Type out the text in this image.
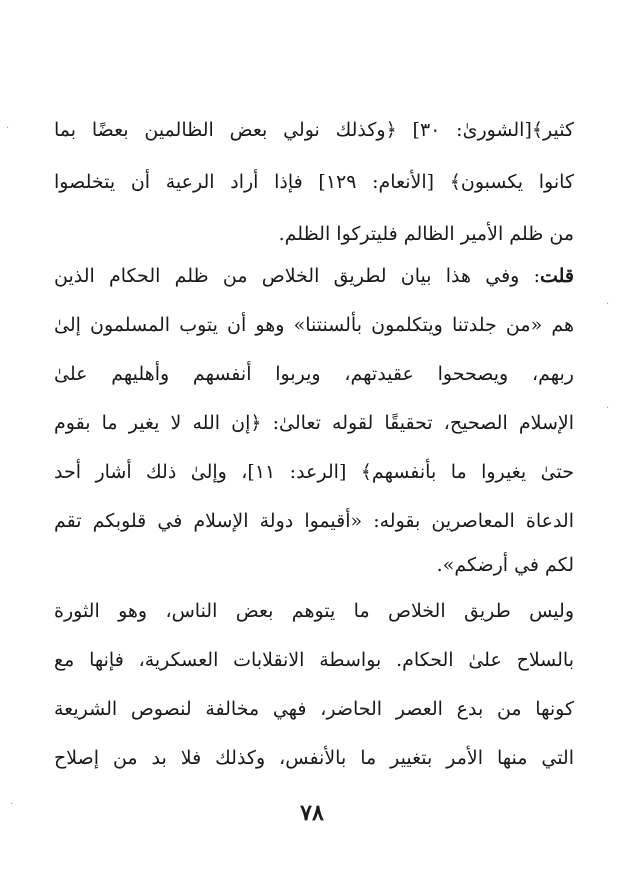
كثير﴾[الشورىٰ: ٣٠] ﴿وكذلك نولي بعض الظالمين بعضًا بما
كانوا يكسبون﴾ [الأنعام: ١٢٩] فإذا أراد الرعية أن يتخلصوا
من ظلم الأمير الظالم فليتركوا الظلم.
قلت: وفي هذا بيان لطريق الخلاص من ظلم الحكام الذين
هم «من جلدتنا ويتكلمون بألسنتنا» وهو أن يتوب المسلمون إلىٰ
ربهم، ويصححوا عقيدتهم، ويربوا أنفسهم وأهليهم علىٰ
الإسلام الصحيح، تحقيقًا لقوله تعالىٰ: ﴿إن الله لا يغير ما بقوم
حتىٰ يغيروا ما بأنفسهم﴾ [الرعد: ١١]، وإلىٰ ذلك أشار أحد
الدعاة المعاصرين بقوله: «أقيموا دولة الإسلام في قلوبكم تقم
لكم في أرضكم».
وليس طريق الخلاص ما يتوهم بعض الناس، وهو الثورة
بالسلاح علىٰ الحكام. بواسطة الانقلابات العسكرية، فإنها مع
كونها من بدع العصر الحاضر، فهي مخالفة لنصوص الشريعة
التي منها الأمر بتغيير ما بالأنفس، وكذلك فلا بد من إصلاح
٧٨
·
·
·
·
